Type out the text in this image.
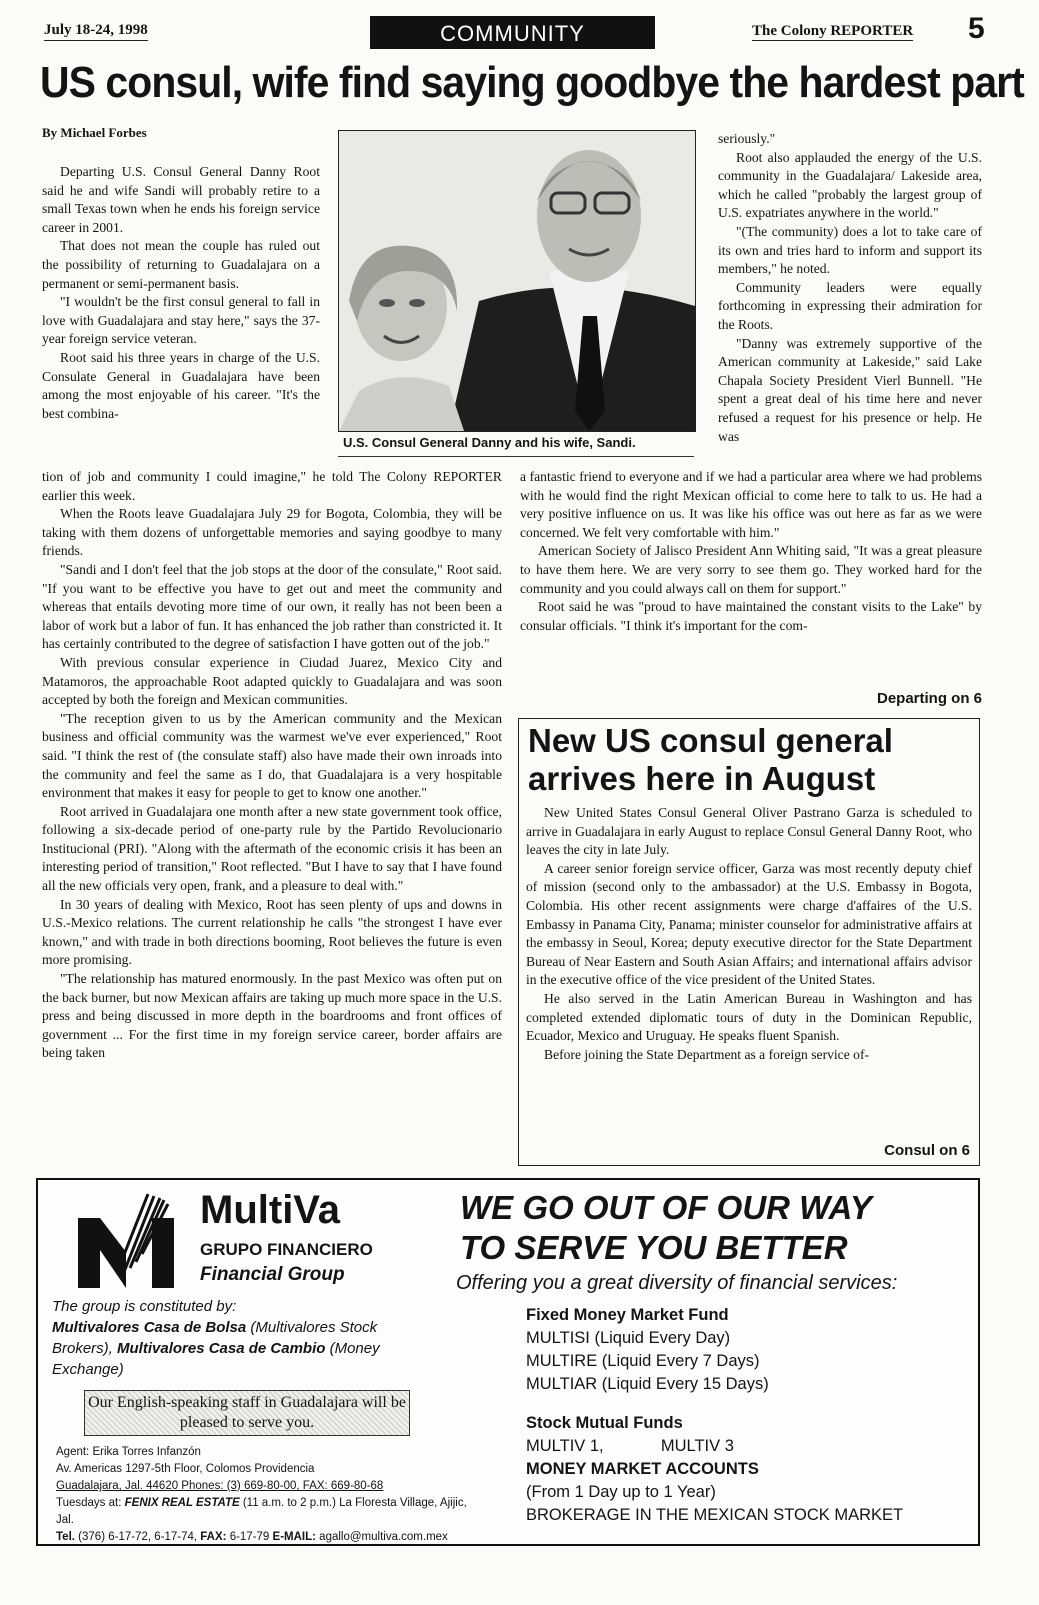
July 18-24, 1998	COMMUNITY	The Colony REPORTER 5
US consul, wife find saying goodbye the hardest part
By Michael Forbes

Departing U.S. Consul General Danny Root said he and wife Sandi will probably retire to a small Texas town when he ends his foreign service career in 2001.

That does not mean the couple has ruled out the possibility of returning to Guadalajara on a permanent or semi-permanent basis.

"I wouldn't be the first consul general to fall in love with Guadalajara and stay here," says the 37-year foreign service veteran.

Root said his three years in charge of the U.S. Consulate General in Guadalajara have been among the most enjoyable of his career. "It's the best combina-

U.S. Consul General Danny and his wife, Sandi.

tion of job and community I could imagine," he told The Colony REPORTER earlier this week.

When the Roots leave Guadalajara July 29 for Bogota, Colombia, they will be taking with them dozens of unforgettable memories and saying goodbye to many friends.

"Sandi and I don't feel that the job stops at the door of the consulate," Root said. "If you want to be effective you have to get out and meet the community and whereas that entails devoting more time of our own, it really has not been been a labor of work but a labor of fun. It has enhanced the job rather than constricted it. It has certainly contributed to the degree of satisfaction I have gotten out of the job."

With previous consular experience in Ciudad Juarez, Mexico City and Matamoros, the approachable Root adapted quickly to Guadalajara and was soon accepted by both the foreign and Mexican communities.

"The reception given to us by the American community and the Mexican business and official community was the warmest we've ever experienced," Root said. "I think the rest of (the consulate staff) also have made their own inroads into the community and feel the same as I do, that Guadalajara is a very hospitable environment that makes it easy for people to get to know one another."

Root arrived in Guadalajara one month after a new state government took office, following a six-decade period of one-party rule by the Partido Revolucionario Institucional (PRI). "Along with the aftermath of the economic crisis it has been an interesting period of transition," Root reflected. "But I have to say that I have found all the new officials very open, frank, and a pleasure to deal with."

In 30 years of dealing with Mexico, Root has seen plenty of ups and downs in U.S.-Mexico relations. The current relationship he calls "the strongest I have ever known," and with trade in both directions booming, Root believes the future is even more promising.

"The relationship has matured enormously. In the past Mexico was often put on the back burner, but now Mexican affairs are taking up much more space in the U.S. press and being discussed in more depth in the boardrooms and front offices of government ... For the first time in my foreign service career, border affairs are being taken

seriously."

Root also applauded the energy of the U.S. community in the Guadalajara/ Lakeside area, which he called "probably the largest group of U.S. expatriates anywhere in the world."

"(The community) does a lot to take care of its own and tries hard to inform and support its members," he noted.

Community leaders were equally forthcoming in expressing their admiration for the Roots.

"Danny was extremely supportive of the American community at Lakeside," said Lake Chapala Society President Vierl Bunnell. "He spent a great deal of his time here and never refused a request for his presence or help. He was

a fantastic friend to everyone and if we had a particular area where we had problems with he would find the right Mexican official to come here to talk to us. He had a very positive influence on us. It was like his office was out here as far as we were concerned. We felt very comfortable with him."

American Society of Jalisco President Ann Whiting said, "It was a great pleasure to have them here. We are very sorry to see them go. They worked hard for the community and you could always call on them for support."

Root said he was "proud to have maintained the constant visits to the Lake" by consular officials. "I think it's important for the com-

Departing on 6
New US consul general arrives here in August

New United States Consul General Oliver Pastrano Garza is scheduled to arrive in Guadalajara in early August to replace Consul General Danny Root, who leaves the city in late July.

A career senior foreign service officer, Garza was most recently deputy chief of mission (second only to the ambassador) at the U.S. Embassy in Bogota, Colombia. His other recent assignments were charge d'affaires of the U.S. Embassy in Panama City, Panama; minister counselor for administrative affairs at the embassy in Seoul, Korea; deputy executive director for the State Department Bureau of Near Eastern and South Asian Affairs; and international affairs advisor in the executive office of the vice president of the United States.

He also served in the Latin American Bureau in Washington and has completed extended diplomatic tours of duty in the Dominican Republic, Ecuador, Mexico and Uruguay. He speaks fluent Spanish.

Before joining the State Department as a foreign service of-

Consul on 6
MultiVa
GRUPO FINANCIERO
Financial Group
The group is constituted by:
Multivalores Casa de Bolsa (Multivalores Stock Brokers), Multivalores Casa de Cambio (Money Exchange)
Our English-speaking staff in Guadalajara will be pleased to serve you.
Agent: Erika Torres Infanzón
Av. Americas 1297-5th Floor, Colomos Providencia
Guadalajara, Jal. 44620 Phones: (3) 669-80-00, FAX: 669-80-68
Tuesdays at: FENIX REAL ESTATE (11 a.m. to 2 p.m.) La Floresta Village, Ajijic, Jal.
Tel. (376) 6-17-72, 6-17-74, FAX: 6-17-79 E-MAIL: agallo@multiva.com.mex
WE GO OUT OF OUR WAY
TO SERVE YOU BETTER
Offering you a great diversity of financial services:
Fixed Money Market Fund
MULTISI (Liquid Every Day)
MULTIRE (Liquid Every 7 Days)
MULTIAR (Liquid Every 15 Days)
Stock Mutual Funds
MULTIV 1,	MULTIV 3
MONEY MARKET ACCOUNTS
(From 1 Day up to 1 Year)
BROKERAGE IN THE MEXICAN STOCK MARKET
